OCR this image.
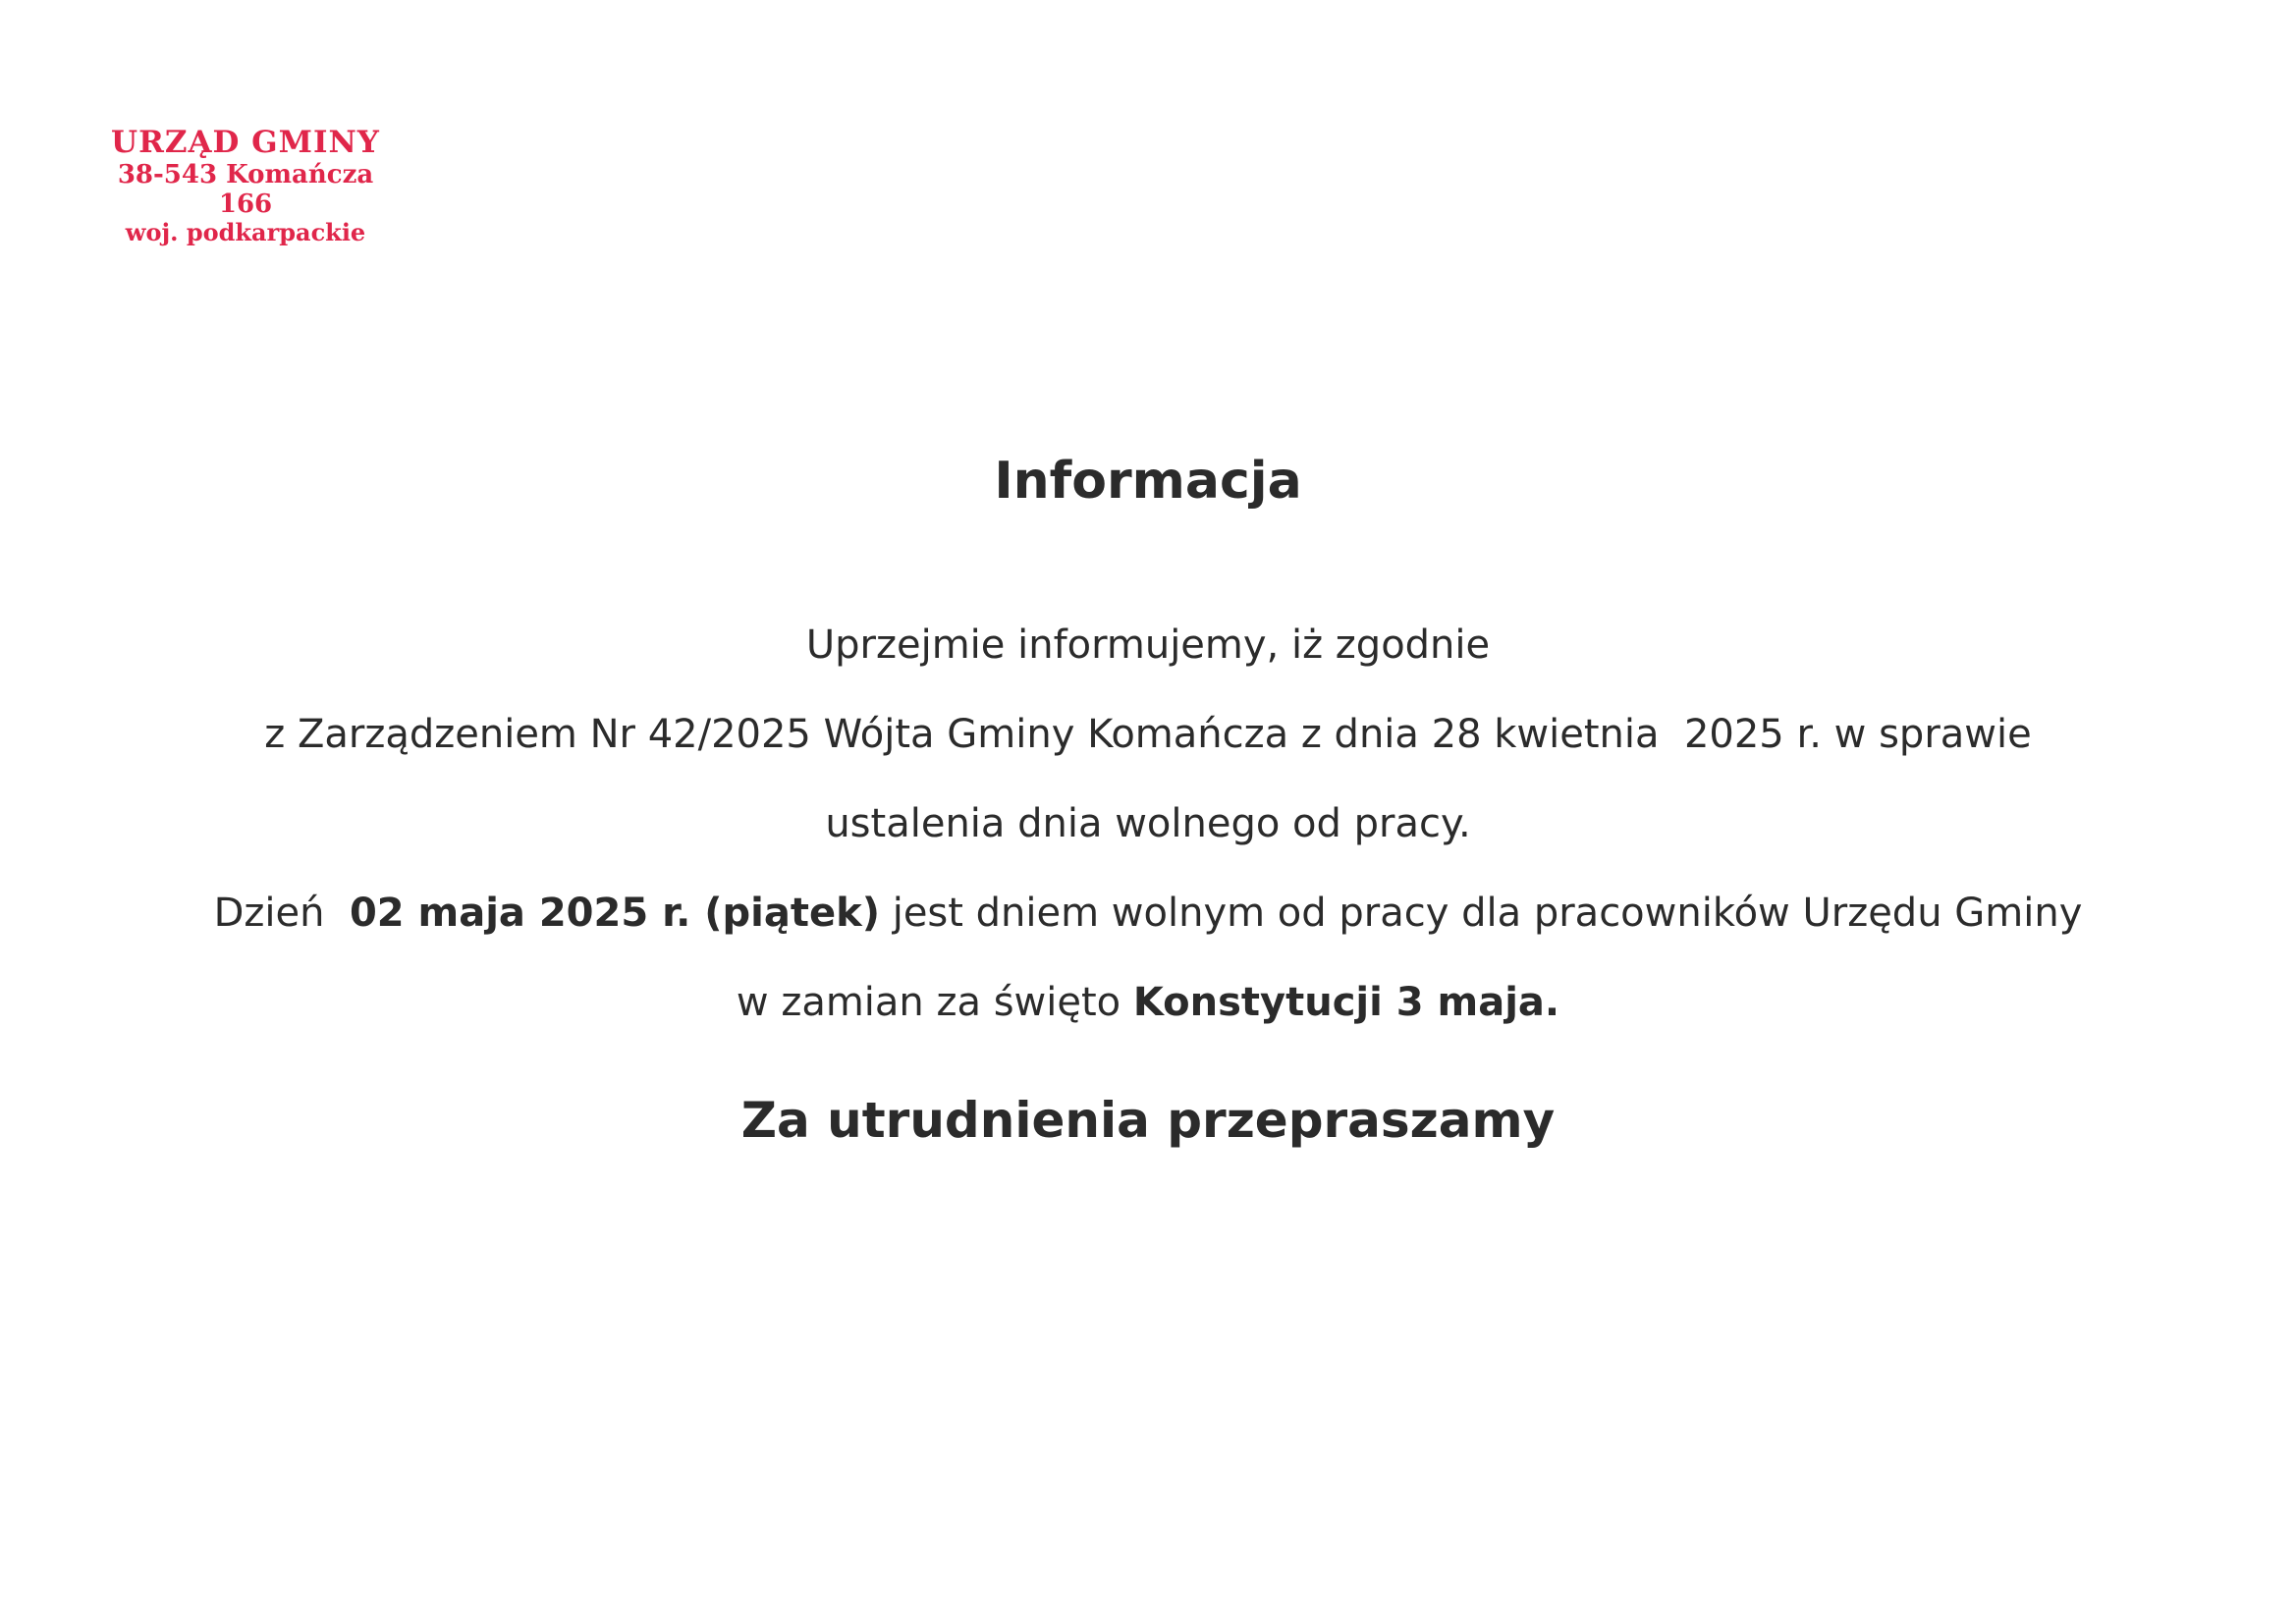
URZĄD GMINY
38-543 Komańcza 166
woj. podkarpackie
Informacja

Uprzejmie informujemy, iż zgodnie

z Zarządzeniem Nr 42/2025 Wójta Gminy Komańcza z dnia 28 kwietnia  2025 r. w sprawie

ustalenia dnia wolnego od pracy.

Dzień  02 maja 2025 r. (piątek) jest dniem wolnym od pracy dla pracowników Urzędu Gminy

w zamian za święto Konstytucji 3 maja.

Za utrudnienia przepraszamy
